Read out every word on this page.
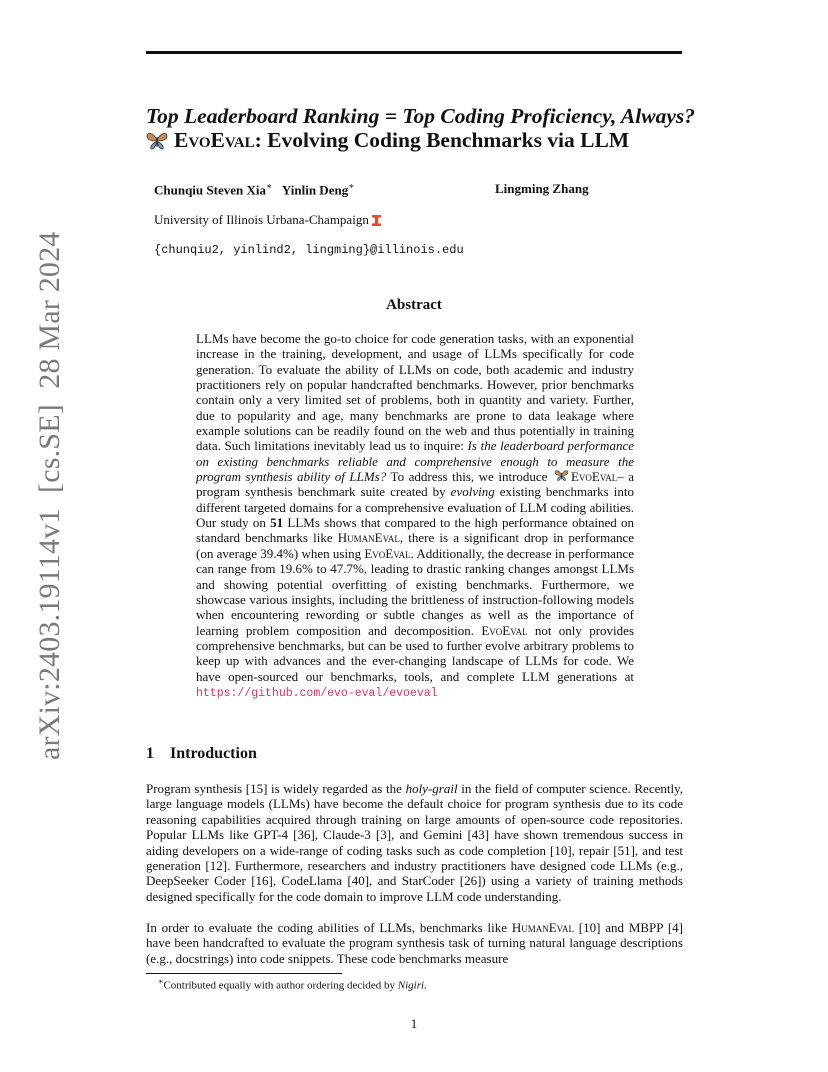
arXiv:2403.19114v1  [cs.SE]  28 Mar 2024
Top Leaderboard Ranking = Top Coding Proficiency, Always?
EvoEval : Evolving Coding Benchmarks via LLM
Chunqiu Steven Xia∗ Yinlin Deng∗	Lingming Zhang
University of Illinois Urbana-Champaign
{chunqiu2, yinlind2, lingming}@illinois.edu
Abstract
LLMs have become the go-to choice for code generation tasks, with an exponential increase in the training, development, and usage of LLMs specifically for code generation. To evaluate the ability of LLMs on code, both academic and industry practitioners rely on popular handcrafted benchmarks. However, prior benchmarks contain only a very limited set of problems, both in quantity and variety. Further, due to popularity and age, many benchmarks are prone to data leakage where example solutions can be readily found on the web and thus potentially in training data. Such limitations inevitably lead us to inquire: Is the leaderboard performance on existing benchmarks reliable and comprehensive enough to measure the program synthesis ability of LLMs? To address this, we introduce EvoEval– a program synthesis benchmark suite created by evolving existing benchmarks into different targeted domains for a comprehensive evaluation of LLM coding abilities. Our study on 51 LLMs shows that compared to the high performance obtained on standard benchmarks like HumanEval, there is a significant drop in performance (on average 39.4%) when using EvoEval. Additionally, the decrease in performance can range from 19.6% to 47.7%, leading to drastic ranking changes amongst LLMs and showing potential overfitting of existing benchmarks. Furthermore, we showcase various insights, including the brittleness of instruction-following models when encountering rewording or subtle changes as well as the importance of learning problem composition and decomposition. EvoEval not only provides comprehensive benchmarks, but can be used to further evolve arbitrary problems to keep up with advances and the ever-changing landscape of LLMs for code. We have open-sourced our benchmarks, tools, and complete LLM generations at https://github.com/evo-eval/evoeval
1 Introduction
Program synthesis [15] is widely regarded as the holy-grail in the field of computer science. Recently, large language models (LLMs) have become the default choice for program synthesis due to its code reasoning capabilities acquired through training on large amounts of open-source code repositories. Popular LLMs like GPT-4 [36], Claude-3 [3], and Gemini [43] have shown tremendous success in aiding developers on a wide-range of coding tasks such as code completion [10], repair [51], and test generation [12]. Furthermore, researchers and industry practitioners have designed code LLMs (e.g., DeepSeeker Coder [16], CodeLlama [40], and StarCoder [26]) using a variety of training methods designed specifically for the code domain to improve LLM code understanding.
In order to evaluate the coding abilities of LLMs, benchmarks like HumanEval [10] and MBPP [4] have been handcrafted to evaluate the program synthesis task of turning natural language descriptions (e.g., docstrings) into code snippets. These code benchmarks measure
∗Contributed equally with author ordering decided by Nigiri.
1
